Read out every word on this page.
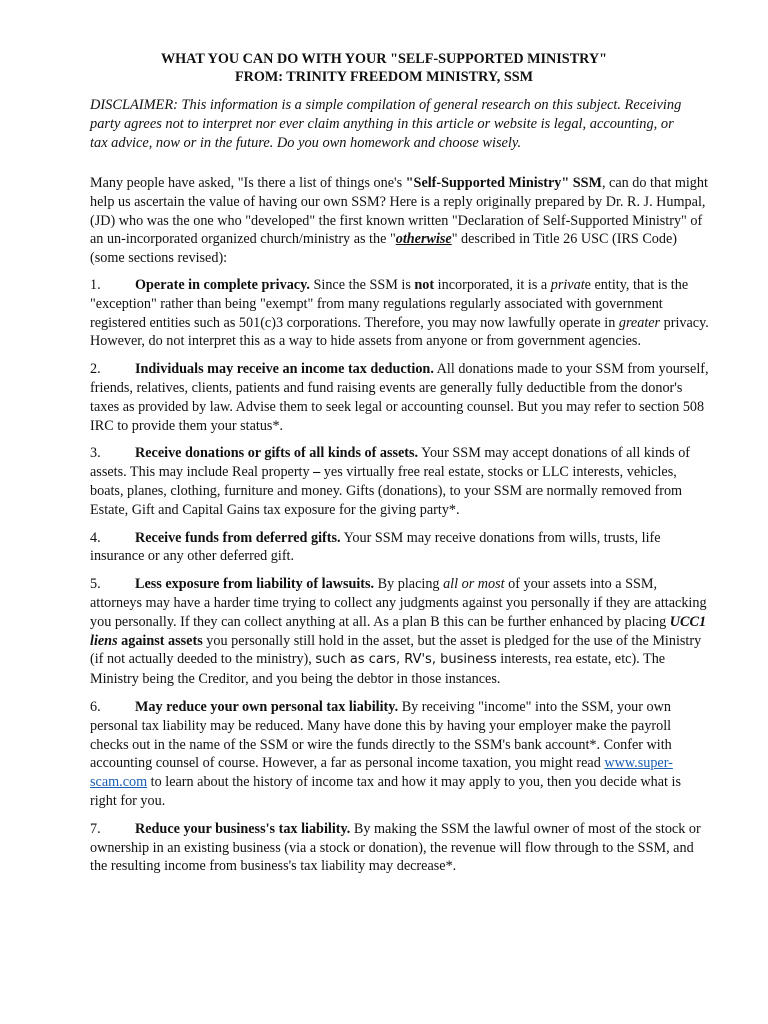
WHAT YOU CAN DO WITH YOUR "SELF-SUPPORTED MINISTRY"
FROM: TRINITY FREEDOM MINISTRY, SSM
DISCLAIMER: This information is a simple compilation of general research on this subject. Receiving party agrees not to interpret nor ever claim anything in this article or website is legal, accounting, or tax advice, now or in the future. Do you own homework and choose wisely.
Many people have asked, "Is there a list of things one's "Self-Supported Ministry" SSM, can do that might help us ascertain the value of having our own SSM? Here is a reply originally prepared by Dr. R. J. Humpal, (JD) who was the one who "developed" the first known written "Declaration of Self-Supported Ministry" of an un-incorporated organized church/ministry as the "otherwise" described in Title 26 USC (IRS Code) (some sections revised):
1. Operate in complete privacy. Since the SSM is not incorporated, it is a private entity, that is the "exception" rather than being "exempt" from many regulations regularly associated with government registered entities such as 501(c)3 corporations. Therefore, you may now lawfully operate in greater privacy. However, do not interpret this as a way to hide assets from anyone or from government agencies.
2. Individuals may receive an income tax deduction. All donations made to your SSM from yourself, friends, relatives, clients, patients and fund raising events are generally fully deductible from the donor's taxes as provided by law. Advise them to seek legal or accounting counsel. But you may refer to section 508 IRC to provide them your status*.
3. Receive donations or gifts of all kinds of assets. Your SSM may accept donations of all kinds of assets. This may include Real property – yes virtually free real estate, stocks or LLC interests, vehicles, boats, planes, clothing, furniture and money. Gifts (donations), to your SSM are normally removed from Estate, Gift and Capital Gains tax exposure for the giving party*.
4. Receive funds from deferred gifts. Your SSM may receive donations from wills, trusts, life insurance or any other deferred gift.
5. Less exposure from liability of lawsuits. By placing all or most of your assets into a SSM, attorneys may have a harder time trying to collect any judgments against you personally if they are attacking you personally. If they can collect anything at all. As a plan B this can be further enhanced by placing UCC1 liens against assets you personally still hold in the asset, but the asset is pledged for the use of the Ministry (if not actually deeded to the ministry), such as cars, RV's, business interests, rea estate, etc). The Ministry being the Creditor, and you being the debtor in those instances.
6. May reduce your own personal tax liability. By receiving "income" into the SSM, your own personal tax liability may be reduced. Many have done this by having your employer make the payroll checks out in the name of the SSM or wire the funds directly to the SSM's bank account*. Confer with accounting counsel of course. However, a far as personal income taxation, you might read www.super-scam.com to learn about the history of income tax and how it may apply to you, then you decide what is right for you.
7. Reduce your business's tax liability. By making the SSM the lawful owner of most of the stock or ownership in an existing business (via a stock or donation), the revenue will flow through to the SSM, and the resulting income from business's tax liability may decrease*.
